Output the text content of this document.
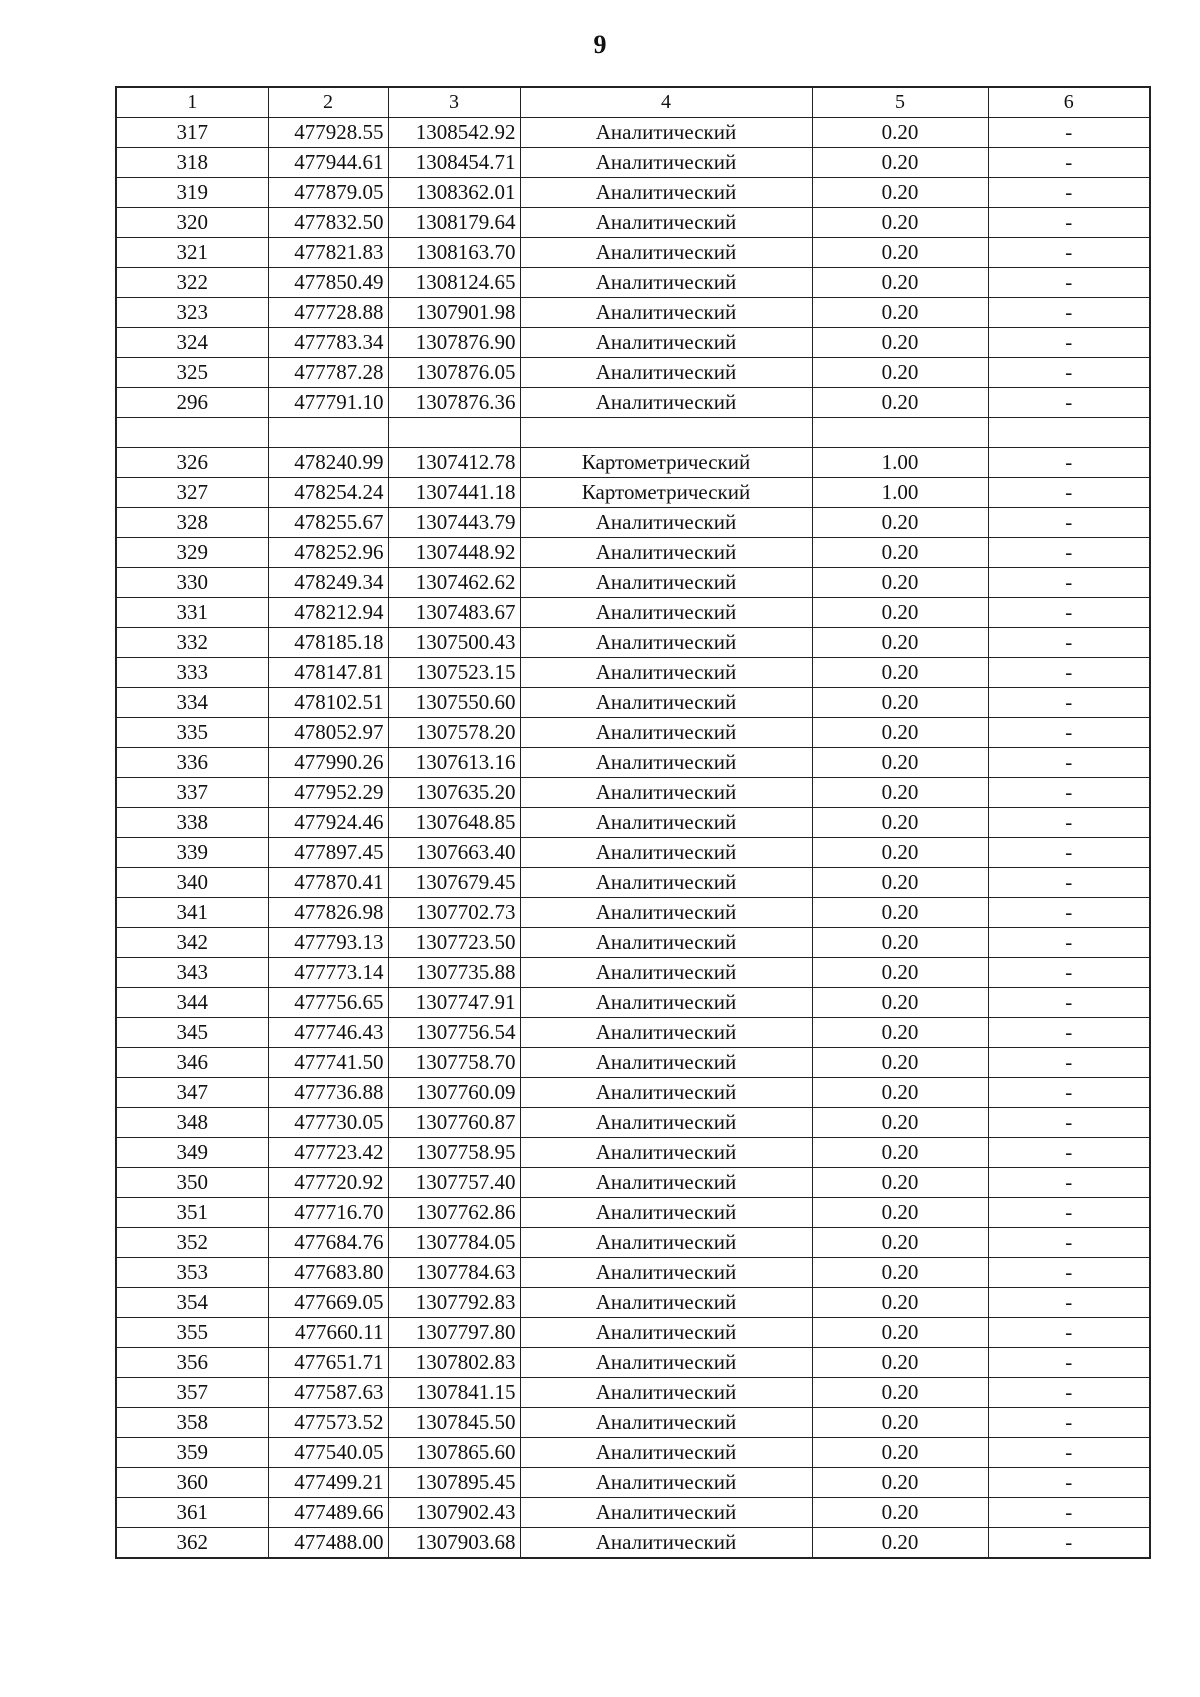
9
1	2	3	4	5	6
317	477928.55	1308542.92	Аналитический	0.20	-
318	477944.61	1308454.71	Аналитический	0.20	-
319	477879.05	1308362.01	Аналитический	0.20	-
320	477832.50	1308179.64	Аналитический	0.20	-
321	477821.83	1308163.70	Аналитический	0.20	-
322	477850.49	1308124.65	Аналитический	0.20	-
323	477728.88	1307901.98	Аналитический	0.20	-
324	477783.34	1307876.90	Аналитический	0.20	-
325	477787.28	1307876.05	Аналитический	0.20	-
296	477791.10	1307876.36	Аналитический	0.20	-

326	478240.99	1307412.78	Картометрический	1.00	-
327	478254.24	1307441.18	Картометрический	1.00	-
328	478255.67	1307443.79	Аналитический	0.20	-
329	478252.96	1307448.92	Аналитический	0.20	-
330	478249.34	1307462.62	Аналитический	0.20	-
331	478212.94	1307483.67	Аналитический	0.20	-
332	478185.18	1307500.43	Аналитический	0.20	-
333	478147.81	1307523.15	Аналитический	0.20	-
334	478102.51	1307550.60	Аналитический	0.20	-
335	478052.97	1307578.20	Аналитический	0.20	-
336	477990.26	1307613.16	Аналитический	0.20	-
337	477952.29	1307635.20	Аналитический	0.20	-
338	477924.46	1307648.85	Аналитический	0.20	-
339	477897.45	1307663.40	Аналитический	0.20	-
340	477870.41	1307679.45	Аналитический	0.20	-
341	477826.98	1307702.73	Аналитический	0.20	-
342	477793.13	1307723.50	Аналитический	0.20	-
343	477773.14	1307735.88	Аналитический	0.20	-
344	477756.65	1307747.91	Аналитический	0.20	-
345	477746.43	1307756.54	Аналитический	0.20	-
346	477741.50	1307758.70	Аналитический	0.20	-
347	477736.88	1307760.09	Аналитический	0.20	-
348	477730.05	1307760.87	Аналитический	0.20	-
349	477723.42	1307758.95	Аналитический	0.20	-
350	477720.92	1307757.40	Аналитический	0.20	-
351	477716.70	1307762.86	Аналитический	0.20	-
352	477684.76	1307784.05	Аналитический	0.20	-
353	477683.80	1307784.63	Аналитический	0.20	-
354	477669.05	1307792.83	Аналитический	0.20	-
355	477660.11	1307797.80	Аналитический	0.20	-
356	477651.71	1307802.83	Аналитический	0.20	-
357	477587.63	1307841.15	Аналитический	0.20	-
358	477573.52	1307845.50	Аналитический	0.20	-
359	477540.05	1307865.60	Аналитический	0.20	-
360	477499.21	1307895.45	Аналитический	0.20	-
361	477489.66	1307902.43	Аналитический	0.20	-
362	477488.00	1307903.68	Аналитический	0.20	-
